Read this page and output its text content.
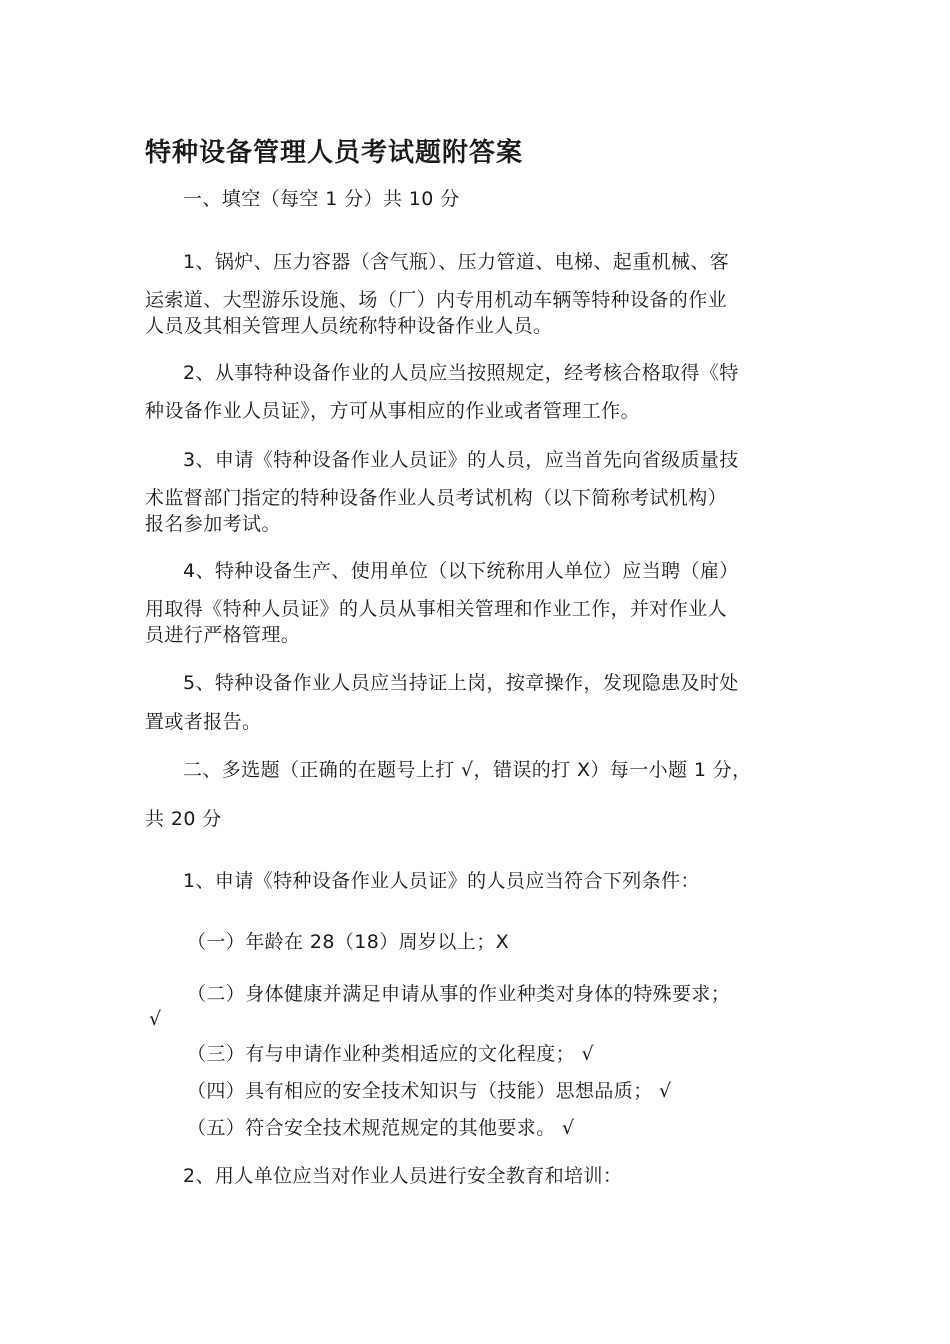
特种设备管理人员考试题附答案
一、填空（每空 1 分）共 10 分
1、锅炉、压力容器（含气瓶）、压力管道、电梯、起重机械、客
运索道、大型游乐设施、场（厂）内专用机动车辆等特种设备的作业
人员及其相关管理人员统称特种设备作业人员。
2、从事特种设备作业的人员应当按照规定，经考核合格取得《特
种设备作业人员证》，方可从事相应的作业或者管理工作。
3、申请《特种设备作业人员证》的人员，应当首先向省级质量技
术监督部门指定的特种设备作业人员考试机构（以下简称考试机构）
报名参加考试。
4、特种设备生产、使用单位（以下统称用人单位）应当聘（雇）
用取得《特种人员证》的人员从事相关管理和作业工作，并对作业人
员进行严格管理。
5、特种设备作业人员应当持证上岗，按章操作，发现隐患及时处
置或者报告。
二、多选题（正确的在题号上打 √，错误的打 X）每一小题 1 分，
共 20 分
1、申请《特种设备作业人员证》的人员应当符合下列条件：
（一）年龄在 28（18）周岁以上；X
（二）身体健康并满足申请从事的作业种类对身体的特殊要求；
√
（三）有与申请作业种类相适应的文化程度； √
（四）具有相应的安全技术知识与（技能）思想品质； √
（五）符合安全技术规范规定的其他要求。 √
2、用人单位应当对作业人员进行安全教育和培训：
